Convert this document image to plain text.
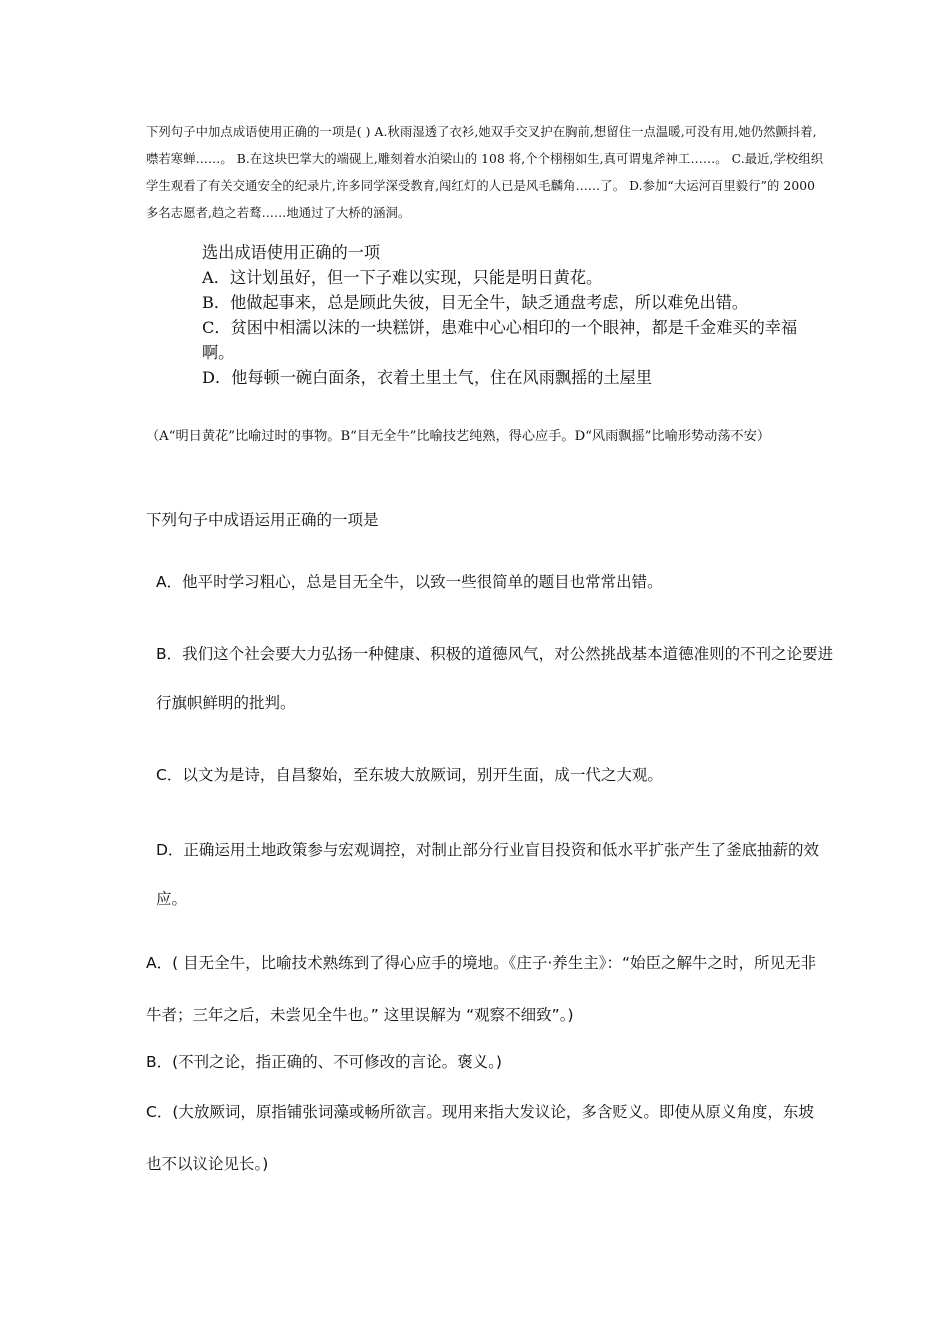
下列句子中加点成语使用正确的一项是( ) A.秋雨湿透了衣衫,她双手交叉护在胸前,想留住一点温暖,可没有用,她仍然颤抖着,噤若寒蝉……。 B.在这块巴掌大的端砚上,雕刻着水泊梁山的 108 将,个个栩栩如生,真可谓鬼斧神工……。 C.最近,学校组织学生观看了有关交通安全的纪录片,许多同学深受教育,闯红灯的人已是风毛麟角……了。 D.参加“大运河百里毅行”的 2000 多名志愿者,趋之若鹜……地通过了大桥的涵洞。
选出成语使用正确的一项
A．这计划虽好，但一下子难以实现，只能是明日黄花。
B．他做起事来，总是顾此失彼，目无全牛，缺乏通盘考虑，所以难免出错。
C．贫困中相濡以沫的一块糕饼，患难中心心相印的一个眼神，都是千金难买的幸福啊。
D．他每顿一碗白面条，衣着土里土气，住在风雨飘摇的土屋里
（A“明日黄花”比喻过时的事物。B“目无全牛”比喻技艺纯熟，得心应手。D“风雨飘摇”比喻形势动荡不安）
下列句子中成语运用正确的一项是
A．他平时学习粗心，总是目无全牛，以致一些很简单的题目也常常出错。
B．我们这个社会要大力弘扬一种健康、积极的道德风气，对公然挑战基本道德准则的不刊之论要进行旗帜鲜明的批判。
C．以文为是诗，自昌黎始，至东坡大放厥词，别开生面，成一代之大观。
D．正确运用土地政策参与宏观调控，对制止部分行业盲目投资和低水平扩张产生了釜底抽薪的效应。
A．( 目无全牛，比喻技术熟练到了得心应手的境地。《庄子·养生主》：“始臣之解牛之时，所见无非牛者；三年之后，未尝见全牛也。” 这里误解为 “观察不细致”。)
B．(不刊之论，指正确的、不可修改的言论。褒义。)
C．(大放厥词，原指铺张词藻或畅所欲言。现用来指大发议论，多含贬义。即使从原义角度，东坡也不以议论见长。)
